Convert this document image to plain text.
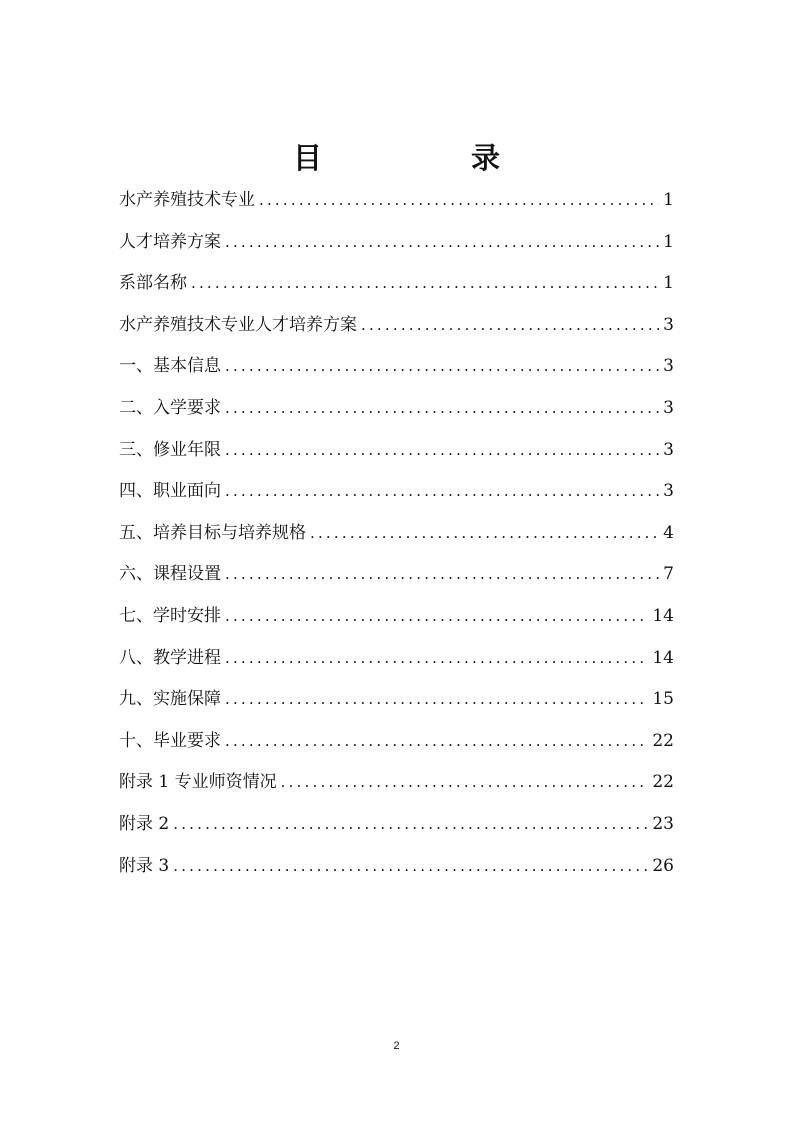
目　录
水产养殖技术专业 .....	1
人才培养方案 .....	1
系部名称 .....	1
水产养殖技术专业人才培养方案 .....	3
一、基本信息 .....	3
二、入学要求 .....	3
三、修业年限 .....	3
四、职业面向 .....	3
五、培养目标与培养规格 .....	4
六、课程设置 .....	7
七、学时安排 .....	14
八、教学进程 .....	14
九、实施保障 .....	15
十、毕业要求 .....	22
附录 1 专业师资情况 .....	22
附录 2 .....	23
附录 3 .....	26
2
